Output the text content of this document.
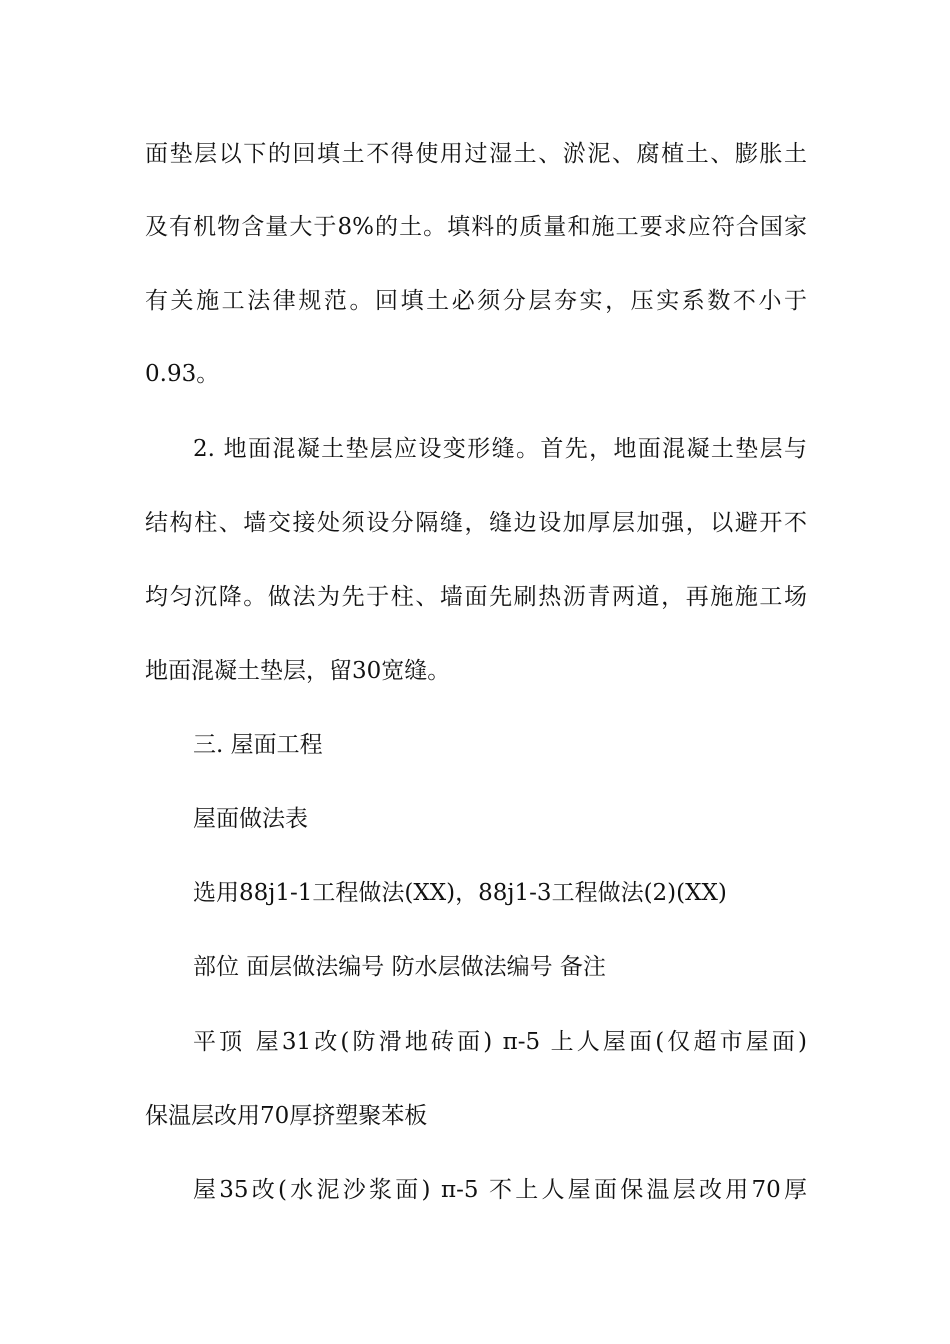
面垫层以下的回填土不得使用过湿土、淤泥、腐植土、膨胀土

及有机物含量大于8%的土。填料的质量和施工要求应符合国家

有关施工法律规范。回填土必须分层夯实，压实系数不小于

0.93。

2. 地面混凝土垫层应设变形缝。首先，地面混凝土垫层与

结构柱、墙交接处须设分隔缝，缝边设加厚层加强，以避开不

均匀沉降。做法为先于柱、墙面先刷热沥青两道，再施施工场

地面混凝土垫层，留30宽缝。

三. 屋面工程

屋面做法表

选用88j1-1工程做法(XX)，88j1-3工程做法(2)(XX)

部位 面层做法编号 防水层做法编号 备注

平顶 屋31改(防滑地砖面) π-5 上人屋面(仅超市屋面)

保温层改用70厚挤塑聚苯板

屋35改(水泥沙浆面) π-5 不上人屋面保温层改用70厚
